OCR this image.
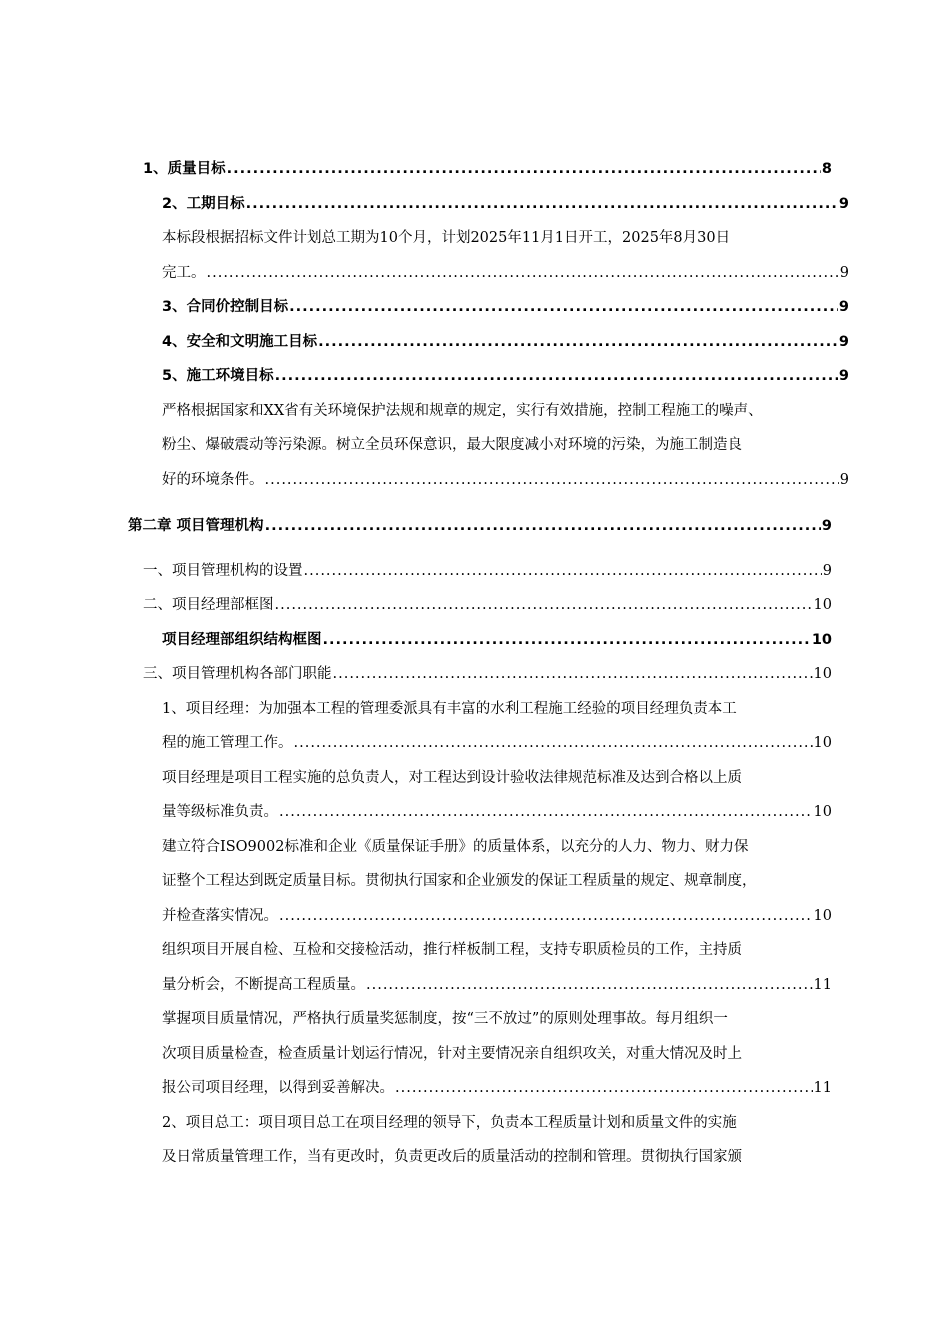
1、质量目标 .....	8
2、工期目标 .....	9
本标段根据招标文件计划总工期为10个月，计划2025年11月1日开工，2025年8月30日
完工。 .....	9
3、合同价控制目标 .....	9
4、安全和文明施工目标 .....	9
5、施工环境目标 .....	9
严格根据国家和XX省有关环境保护法规和规章的规定，实行有效措施，控制工程施工的噪声、
粉尘、爆破震动等污染源。树立全员环保意识，最大限度减小对环境的污染，为施工制造良
好的环境条件。 .....	9
第二章 项目管理机构 .....	9
一、项目管理机构的设置 .....	9
二、项目经理部框图 .....	10
项目经理部组织结构框图 .....	10
三、项目管理机构各部门职能 .....	10
1、项目经理：为加强本工程的管理委派具有丰富的水利工程施工经验的项目经理负责本工
程的施工管理工作。 .....	10
项目经理是项目工程实施的总负责人，对工程达到设计验收法律规范标准及达到合格以上质
量等级标准负责。 .....	10
建立符合ISO9002标准和企业《质量保证手册》的质量体系，以充分的人力、物力、财力保
证整个工程达到既定质量目标。贯彻执行国家和企业颁发的保证工程质量的规定、规章制度，
并检查落实情况。 .....	10
组织项目开展自检、互检和交接检活动，推行样板制工程，支持专职质检员的工作，主持质
量分析会，不断提高工程质量。 .....	11
掌握项目质量情况，严格执行质量奖惩制度，按“三不放过”的原则处理事故。每月组织一
次项目质量检查，检查质量计划运行情况，针对主要情况亲自组织攻关，对重大情况及时上
报公司项目经理，以得到妥善解决。 .....	11
2、项目总工：项目项目总工在项目经理的领导下，负责本工程质量计划和质量文件的实施
及日常质量管理工作，当有更改时，负责更改后的质量活动的控制和管理。贯彻执行国家颁
